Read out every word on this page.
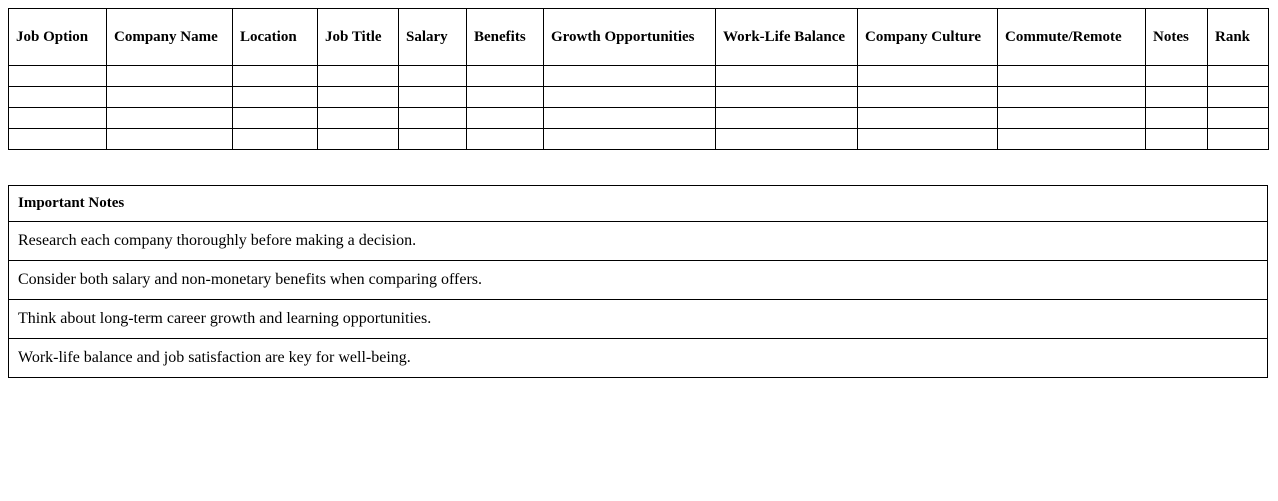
Job Option	Company Name	Location	Job Title	Salary	Benefits	Growth Opportunities	Work-Life Balance	Company Culture	Commute/Remote	Notes	Rank

Important Notes
Research each company thoroughly before making a decision.
Consider both salary and non-monetary benefits when comparing offers.
Think about long-term career growth and learning opportunities.
Work-life balance and job satisfaction are key for well-being.
